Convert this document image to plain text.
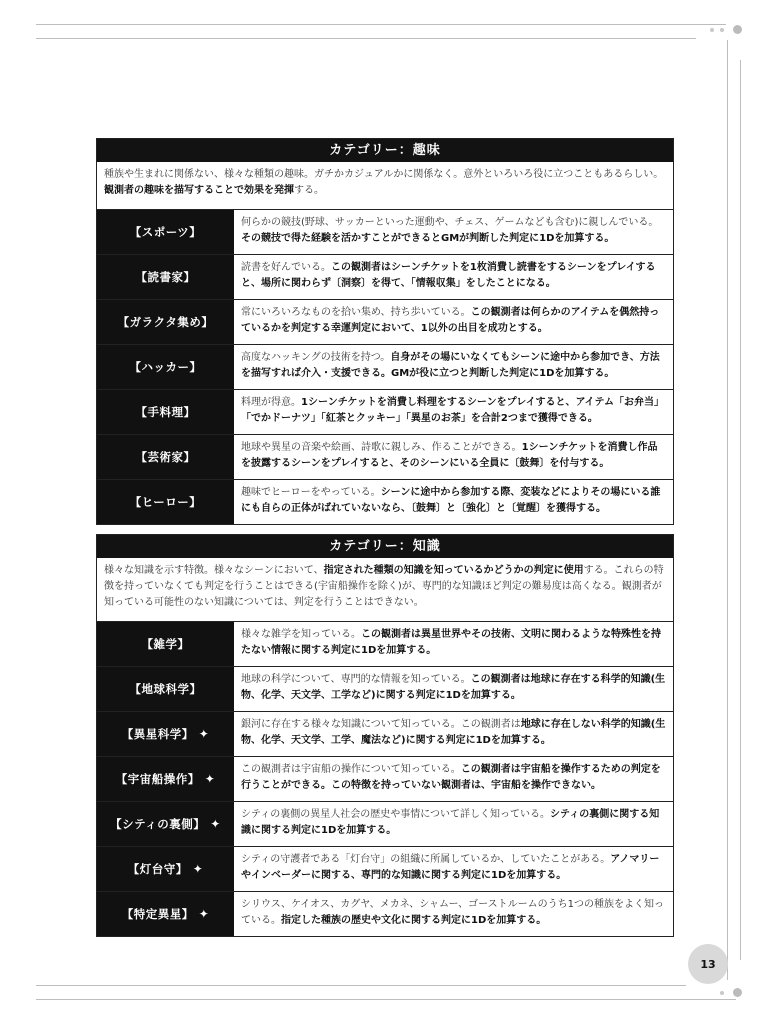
カテゴリー：趣味
種族や生まれに関係ない、様々な種類の趣味。ガチかカジュアルかに関係なく。意外といろいろ役に立つこともあるらしい。観測者の趣味を描写することで効果を発揮する。
【スポーツ】
何らかの競技(野球、サッカーといった運動や、チェス、ゲームなども含む)に親しんでいる。その競技で得た経験を活かすことができるとGMが判断した判定に1Dを加算する。
【読書家】
読書を好んでいる。この観測者はシーンチケットを1枚消費し読書をするシーンをプレイすると、場所に関わらず〔洞察〕を得て、「情報収集」をしたことになる。
【ガラクタ集め】
常にいろいろなものを拾い集め、持ち歩いている。この観測者は何らかのアイテムを偶然持っているかを判定する幸運判定において、1以外の出目を成功とする。
【ハッカー】
高度なハッキングの技術を持つ。自身がその場にいなくてもシーンに途中から参加でき、方法を描写すれば介入・支援できる。GMが役に立つと判断した判定に1Dを加算する。
【手料理】
料理が得意。1シーンチケットを消費し料理をするシーンをプレイすると、アイテム「お弁当」「でかドーナツ」「紅茶とクッキー」「異星のお茶」を合計2つまで獲得できる。
【芸術家】
地球や異星の音楽や絵画、詩歌に親しみ、作ることができる。1シーンチケットを消費し作品を披露するシーンをプレイすると、そのシーンにいる全員に〔鼓舞〕を付与する。
【ヒーロー】
趣味でヒーローをやっている。シーンに途中から参加する際、変装などによりその場にいる誰にも自らの正体がばれていないなら、〔鼓舞〕と〔強化〕と〔覚醒〕を獲得する。
カテゴリー：知識
様々な知識を示す特徴。様々なシーンにおいて、指定された種類の知識を知っているかどうかの判定に使用する。これらの特徴を持っていなくても判定を行うことはできる(宇宙船操作を除く)が、専門的な知識ほど判定の難易度は高くなる。観測者が知っている可能性のない知識については、判定を行うことはできない。
【雑学】
様々な雑学を知っている。この観測者は異星世界やその技術、文明に関わるような特殊性を持たない情報に関する判定に1Dを加算する。
【地球科学】
地球の科学について、専門的な情報を知っている。この観測者は地球に存在する科学的知識(生物、化学、天文学、工学など)に関する判定に1Dを加算する。
【異星科学】 ✦
銀河に存在する様々な知識について知っている。この観測者は地球に存在しない科学的知識(生物、化学、天文学、工学、魔法など)に関する判定に1Dを加算する。
【宇宙船操作】 ✦
この観測者は宇宙船の操作について知っている。この観測者は宇宙船を操作するための判定を行うことができる。この特徴を持っていない観測者は、宇宙船を操作できない。
【シティの裏側】 ✦
シティの裏側の異星人社会の歴史や事情について詳しく知っている。シティの裏側に関する知識に関する判定に1Dを加算する。
【灯台守】 ✦
シティの守護者である「灯台守」の組織に所属しているか、していたことがある。アノマリーやインベーダーに関する、専門的な知識に関する判定に1Dを加算する。
【特定異星】 ✦
シリウス、ケイオス、カグヤ、メカネ、シャムー、ゴーストルームのうち1つの種族をよく知っている。指定した種族の歴史や文化に関する判定に1Dを加算する。
13
